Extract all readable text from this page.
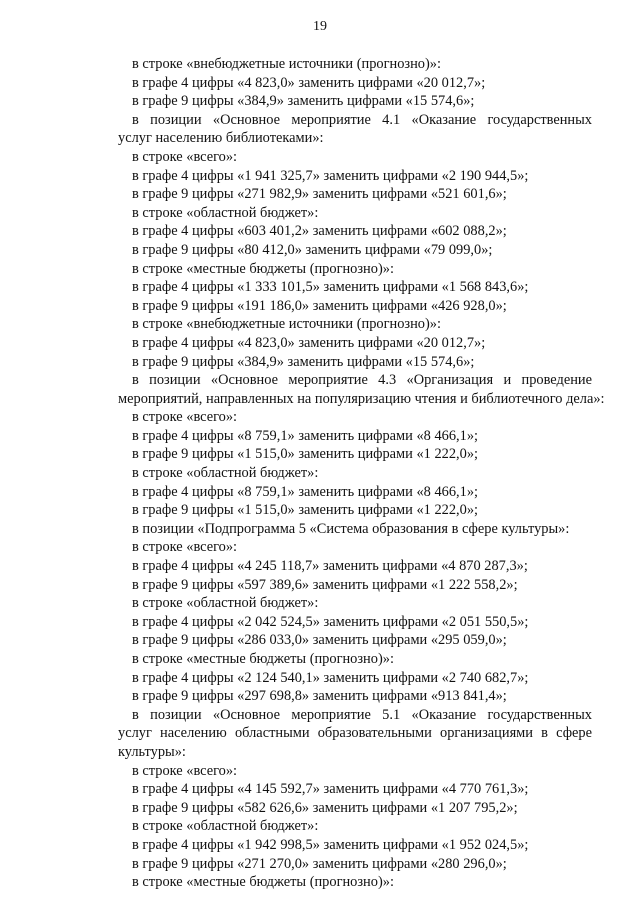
19
в строке «внебюджетные источники (прогнозно)»:
в графе 4 цифры «4 823,0» заменить цифрами «20 012,7»;
в графе 9 цифры «384,9» заменить цифрами «15 574,6»;
в позиции «Основное мероприятие 4.1 «Оказание государственных
услуг населению библиотеками»:
в строке «всего»:
в графе 4 цифры «1 941 325,7» заменить цифрами «2 190 944,5»;
в графе 9 цифры «271 982,9» заменить цифрами «521 601,6»;
в строке «областной бюджет»:
в графе 4 цифры «603 401,2» заменить цифрами «602 088,2»;
в графе 9 цифры «80 412,0» заменить цифрами «79 099,0»;
в строке «местные бюджеты (прогнозно)»:
в графе 4 цифры «1 333 101,5» заменить цифрами «1 568 843,6»;
в графе 9 цифры «191 186,0» заменить цифрами «426 928,0»;
в строке «внебюджетные источники (прогнозно)»:
в графе 4 цифры «4 823,0» заменить цифрами «20 012,7»;
в графе 9 цифры «384,9» заменить цифрами «15 574,6»;
в позиции «Основное мероприятие 4.3 «Организация и проведение
мероприятий, направленных на популяризацию чтения и библиотечного дела»:
в строке «всего»:
в графе 4 цифры «8 759,1» заменить цифрами «8 466,1»;
в графе 9 цифры «1 515,0» заменить цифрами «1 222,0»;
в строке «областной бюджет»:
в графе 4 цифры «8 759,1» заменить цифрами «8 466,1»;
в графе 9 цифры «1 515,0» заменить цифрами «1 222,0»;
в позиции «Подпрограмма 5 «Система образования в сфере культуры»:
в строке «всего»:
в графе 4 цифры «4 245 118,7» заменить цифрами «4 870 287,3»;
в графе 9 цифры «597 389,6» заменить цифрами «1 222 558,2»;
в строке «областной бюджет»:
в графе 4 цифры «2 042 524,5» заменить цифрами «2 051 550,5»;
в графе 9 цифры «286 033,0» заменить цифрами «295 059,0»;
в строке «местные бюджеты (прогнозно)»:
в графе 4 цифры «2 124 540,1» заменить цифрами «2 740 682,7»;
в графе 9 цифры «297 698,8» заменить цифрами «913 841,4»;
в позиции «Основное мероприятие 5.1 «Оказание государственных
услуг населению областными образовательными организациями в сфере
культуры»:
в строке «всего»:
в графе 4 цифры «4 145 592,7» заменить цифрами «4 770 761,3»;
в графе 9 цифры «582 626,6» заменить цифрами «1 207 795,2»;
в строке «областной бюджет»:
в графе 4 цифры «1 942 998,5» заменить цифрами «1 952 024,5»;
в графе 9 цифры «271 270,0» заменить цифрами «280 296,0»;
в строке «местные бюджеты (прогнозно)»:
